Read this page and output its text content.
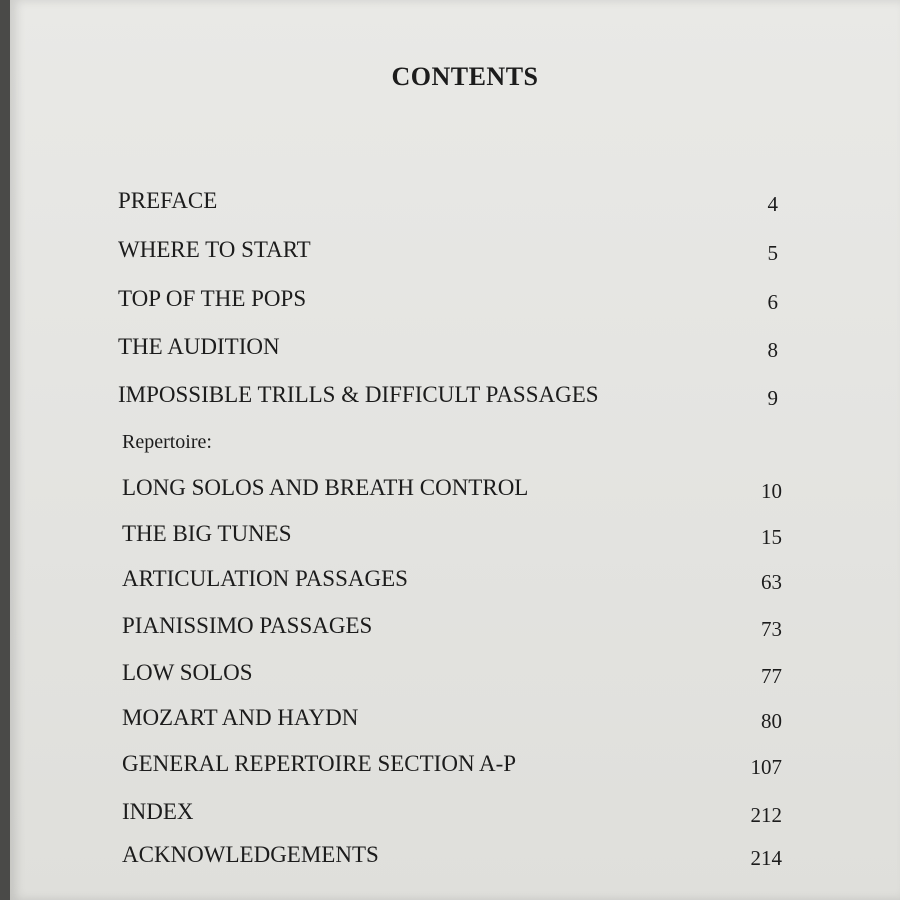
CONTENTS
PREFACE	4
WHERE TO START	5
TOP OF THE POPS	6
THE AUDITION	8
IMPOSSIBLE TRILLS & DIFFICULT PASSAGES	9
Repertoire:
LONG SOLOS AND BREATH CONTROL	10
THE BIG TUNES	15
ARTICULATION PASSAGES	63
PIANISSIMO PASSAGES	73
LOW SOLOS	77
MOZART AND HAYDN	80
GENERAL REPERTOIRE SECTION A-P	107
INDEX	212
ACKNOWLEDGEMENTS	214
